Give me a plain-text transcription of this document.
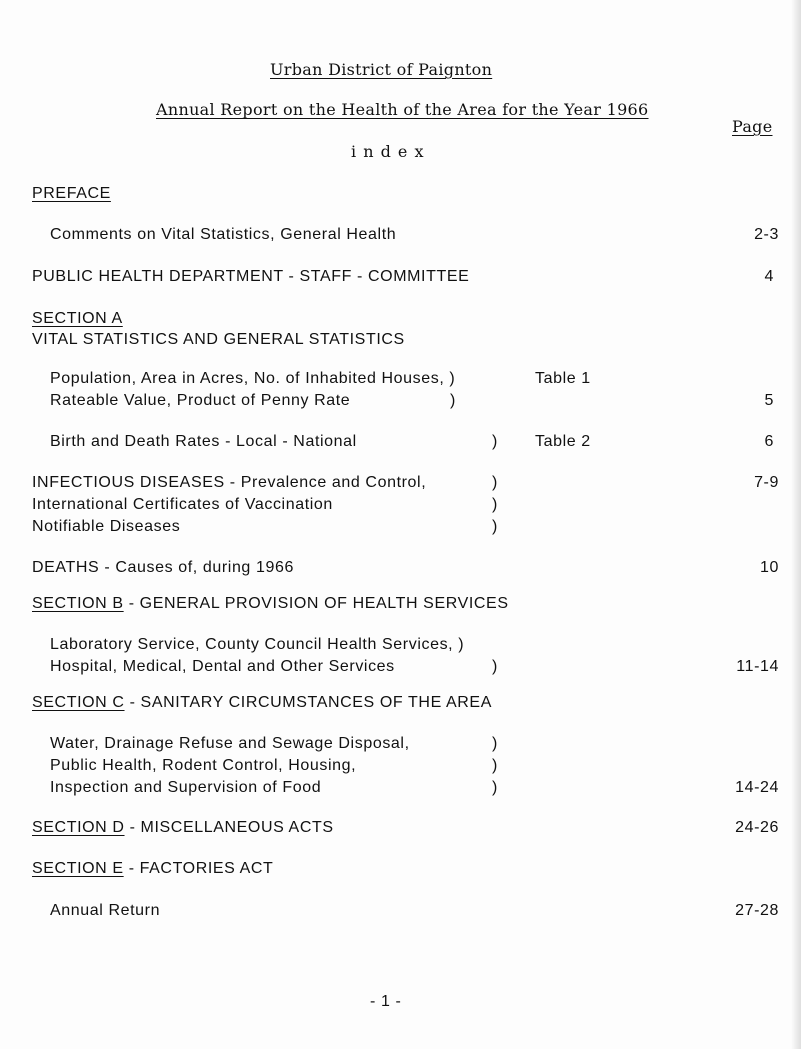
Urban District of Paignton
Annual Report on the Health of the Area for the Year 1966
Page
i n d e x
PREFACE
Comments on Vital Statistics, General Health	2-3
PUBLIC HEALTH DEPARTMENT - STAFF - COMMITTEE	4
SECTION A
VITAL STATISTICS AND GENERAL STATISTICS
Population, Area in Acres, No. of Inhabited Houses, )	Table 1
Rateable Value, Product of Penny Rate	)	5
Birth and Death Rates - Local - National	) Table 2	6
INFECTIOUS DISEASES - Prevalence and Control,	)	7-9
International Certificates of Vaccination	)
Notifiable Diseases	)
DEATHS - Causes of, during 1966	10
SECTION B - GENERAL PROVISION OF HEALTH SERVICES
Laboratory Service, County Council Health Services, )
Hospital, Medical, Dental and Other Services	)	11-14
SECTION C - SANITARY CIRCUMSTANCES OF THE AREA
Water, Drainage Refuse and Sewage Disposal,	)
Public Health, Rodent Control, Housing,	)
Inspection and Supervision of Food	)	14-24
SECTION D - MISCELLANEOUS ACTS	24-26
SECTION E - FACTORIES ACT
Annual Return	27-28
- 1 -
